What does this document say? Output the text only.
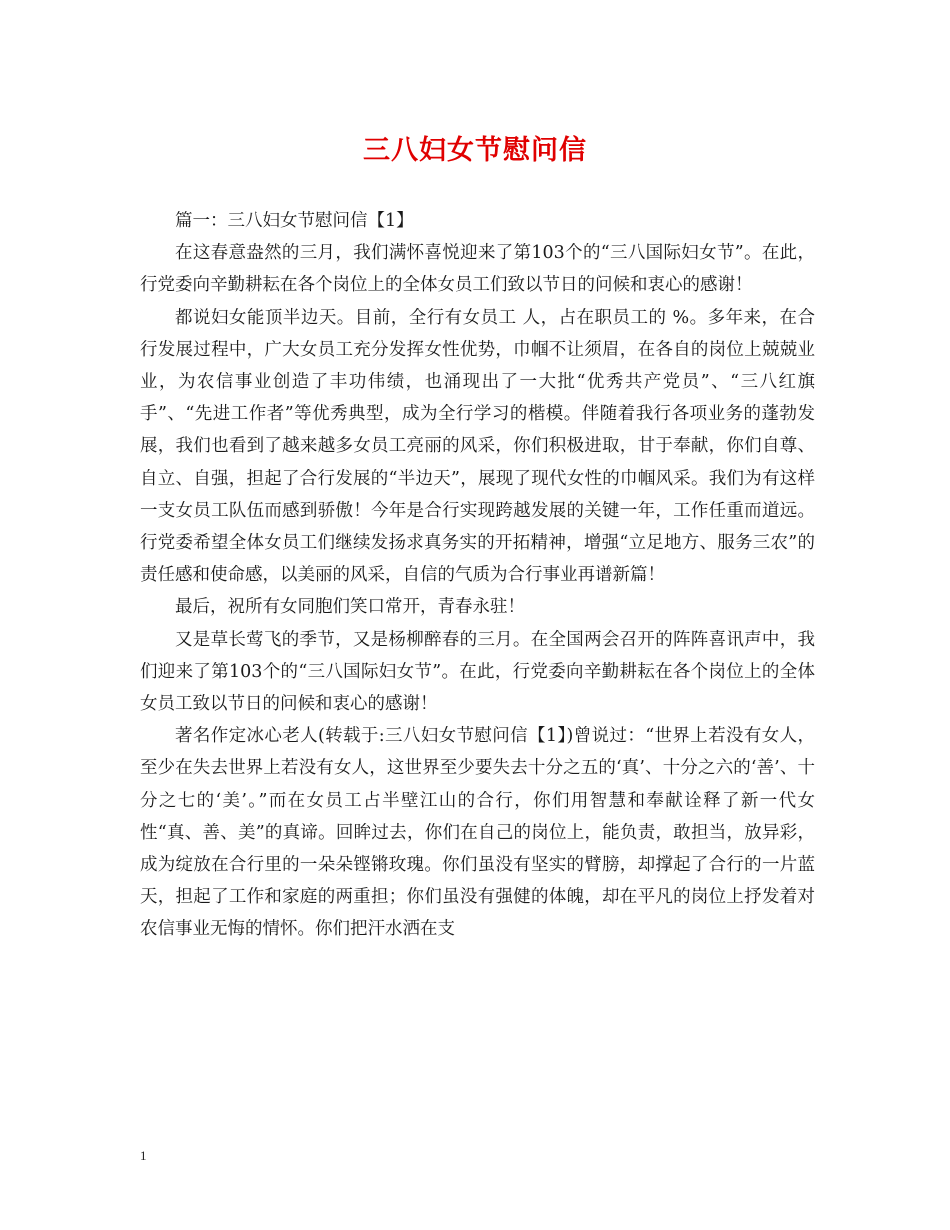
三八妇女节慰问信

篇一：三八妇女节慰问信【1】

在这春意盎然的三月，我们满怀喜悦迎来了第103个的“三八国际妇女节”。在此，行党委向辛勤耕耘在各个岗位上的全体女员工们致以节日的问候和衷心的感谢！

都说妇女能顶半边天。目前，全行有女员工 人，占在职员工的 %。多年来，在合行发展过程中，广大女员工充分发挥女性优势，巾帼不让须眉，在各自的岗位上兢兢业业，为农信事业创造了丰功伟绩，也涌现出了一大批“优秀共产党员”、“三八红旗手”、“先进工作者”等优秀典型，成为全行学习的楷模。伴随着我行各项业务的蓬勃发展，我们也看到了越来越多女员工亮丽的风采，你们积极进取，甘于奉献，你们自尊、自立、自强，担起了合行发展的“半边天”，展现了现代女性的巾帼风采。我们为有这样一支女员工队伍而感到骄傲！今年是合行实现跨越发展的关键一年，工作任重而道远。行党委希望全体女员工们继续发扬求真务实的开拓精神，增强“立足地方、服务三农”的责任感和使命感，以美丽的风采，自信的气质为合行事业再谱新篇！

最后，祝所有女同胞们笑口常开，青春永驻！

又是草长莺飞的季节，又是杨柳醉春的三月。在全国两会召开的阵阵喜讯声中，我们迎来了第103个的“三八国际妇女节”。在此，行党委向辛勤耕耘在各个岗位上的全体女员工致以节日的问候和衷心的感谢！

著名作定冰心老人(转载于:三八妇女节慰问信【1】)曾说过：“世界上若没有女人，至少在失去世界上若没有女人，这世界至少要失去十分之五的‘真’、十分之六的‘善’、十分之七的‘美’。”而在女员工占半壁江山的合行，你们用智慧和奉献诠释了新一代女性“真、善、美”的真谛。回眸过去，你们在自己的岗位上，能负责，敢担当，放异彩，成为绽放在合行里的一朵朵铿锵玫瑰。你们虽没有坚实的臂膀，却撑起了合行的一片蓝天，担起了工作和家庭的两重担；你们虽没有强健的体魄，却在平凡的岗位上抒发着对农信事业无悔的情怀。你们把汗水洒在支

1
